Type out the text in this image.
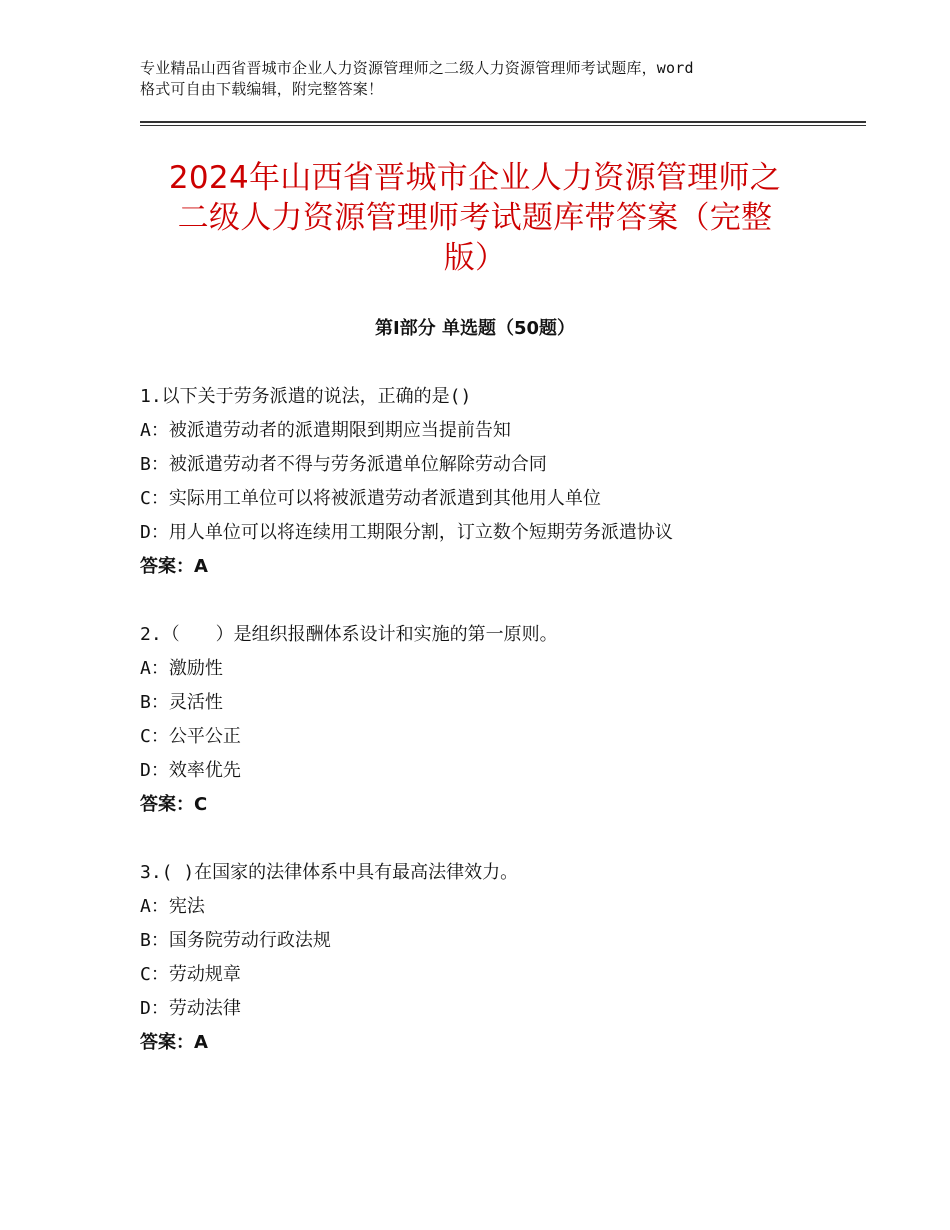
专业精品山西省晋城市企业人力资源管理师之二级人力资源管理师考试题库，word
格式可自由下载编辑，附完整答案！
2024年山西省晋城市企业人力资源管理师之
二级人力资源管理师考试题库带答案（完整
版）
第Ⅰ部分 单选题（50题）
1.以下关于劳务派遣的说法，正确的是()
A：被派遣劳动者的派遣期限到期应当提前告知
B：被派遣劳动者不得与劳务派遣单位解除劳动合同
C：实际用工单位可以将被派遣劳动者派遣到其他用人单位
D：用人单位可以将连续用工期限分割，订立数个短期劳务派遣协议
答案：A
2.（　　）是组织报酬体系设计和实施的第一原则。
A：激励性
B：灵活性
C：公平公正
D：效率优先
答案：C
3.( )在国家的法律体系中具有最高法律效力。
A：宪法
B：国务院劳动行政法规
C：劳动规章
D：劳动法律
答案：A
